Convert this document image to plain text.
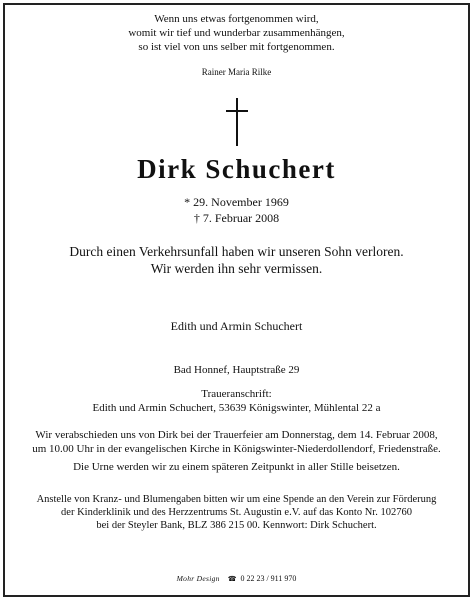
Wenn uns etwas fortgenommen wird,
womit wir tief und wunderbar zusammenhängen,
so ist viel von uns selber mit fortgenommen.
Rainer Maria Rilke
Dirk Schuchert
* 29. November 1969
† 7. Februar 2008
Durch einen Verkehrsunfall haben wir unseren Sohn verloren.
Wir werden ihn sehr vermissen.
Edith und Armin Schuchert
Bad Honnef, Hauptstraße 29
Traueranschrift:
Edith und Armin Schuchert, 53639 Königswinter, Mühlental 22 a
Wir verabschieden uns von Dirk bei der Trauerfeier am Donnerstag, dem 14. Februar 2008,
um 10.00 Uhr in der evangelischen Kirche in Königswinter-Niederdollendorf, Friedenstraße.
Die Urne werden wir zu einem späteren Zeitpunkt in aller Stille beisetzen.
Anstelle von Kranz- und Blumengaben bitten wir um eine Spende an den Verein zur Förderung
der Kinderklinik und des Herzzentrums St. Augustin e.V. auf das Konto Nr. 102760
bei der Steyler Bank, BLZ 386 215 00. Kennwort: Dirk Schuchert.
Mohr Design ☎ 0 22 23 / 911 970
